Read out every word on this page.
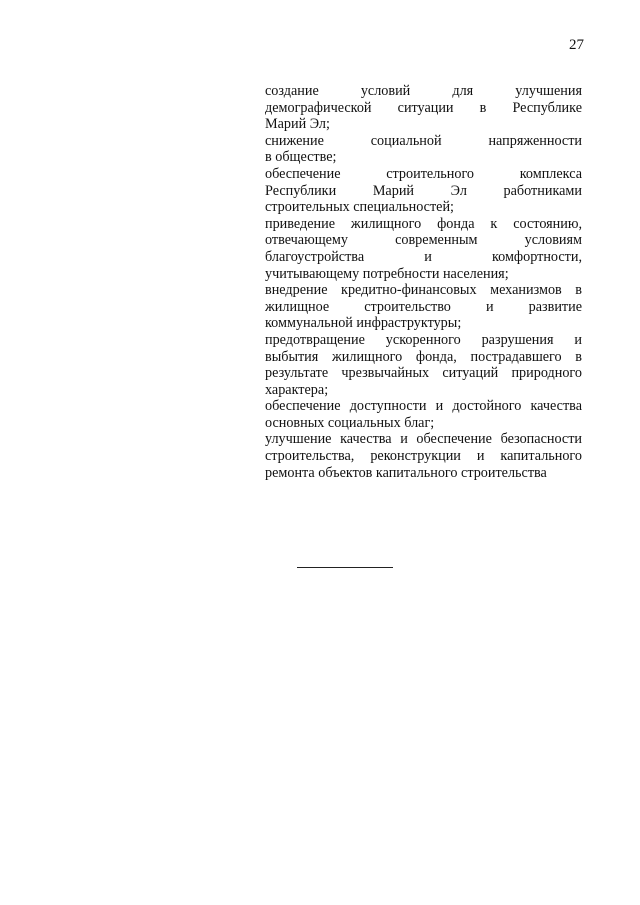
27
создание условий для улучшения
демографической ситуации в Республике
Марий Эл;
снижение социальной напряженности
в обществе;
обеспечение строительного комплекса
Республики Марий Эл работниками
строительных специальностей;
приведение жилищного фонда к состоянию,
отвечающему современным условиям
благоустройства и комфортности,
учитывающему потребности населения;
внедрение кредитно-финансовых механизмов в
жилищное строительство и развитие
коммунальной инфраструктуры;
предотвращение ускоренного разрушения и
выбытия жилищного фонда, пострадавшего в
результате чрезвычайных ситуаций природного
характера;
обеспечение доступности и достойного качества
основных социальных благ;
улучшение качества и обеспечение безопасности
строительства, реконструкции и капитального
ремонта объектов капитального строительства
